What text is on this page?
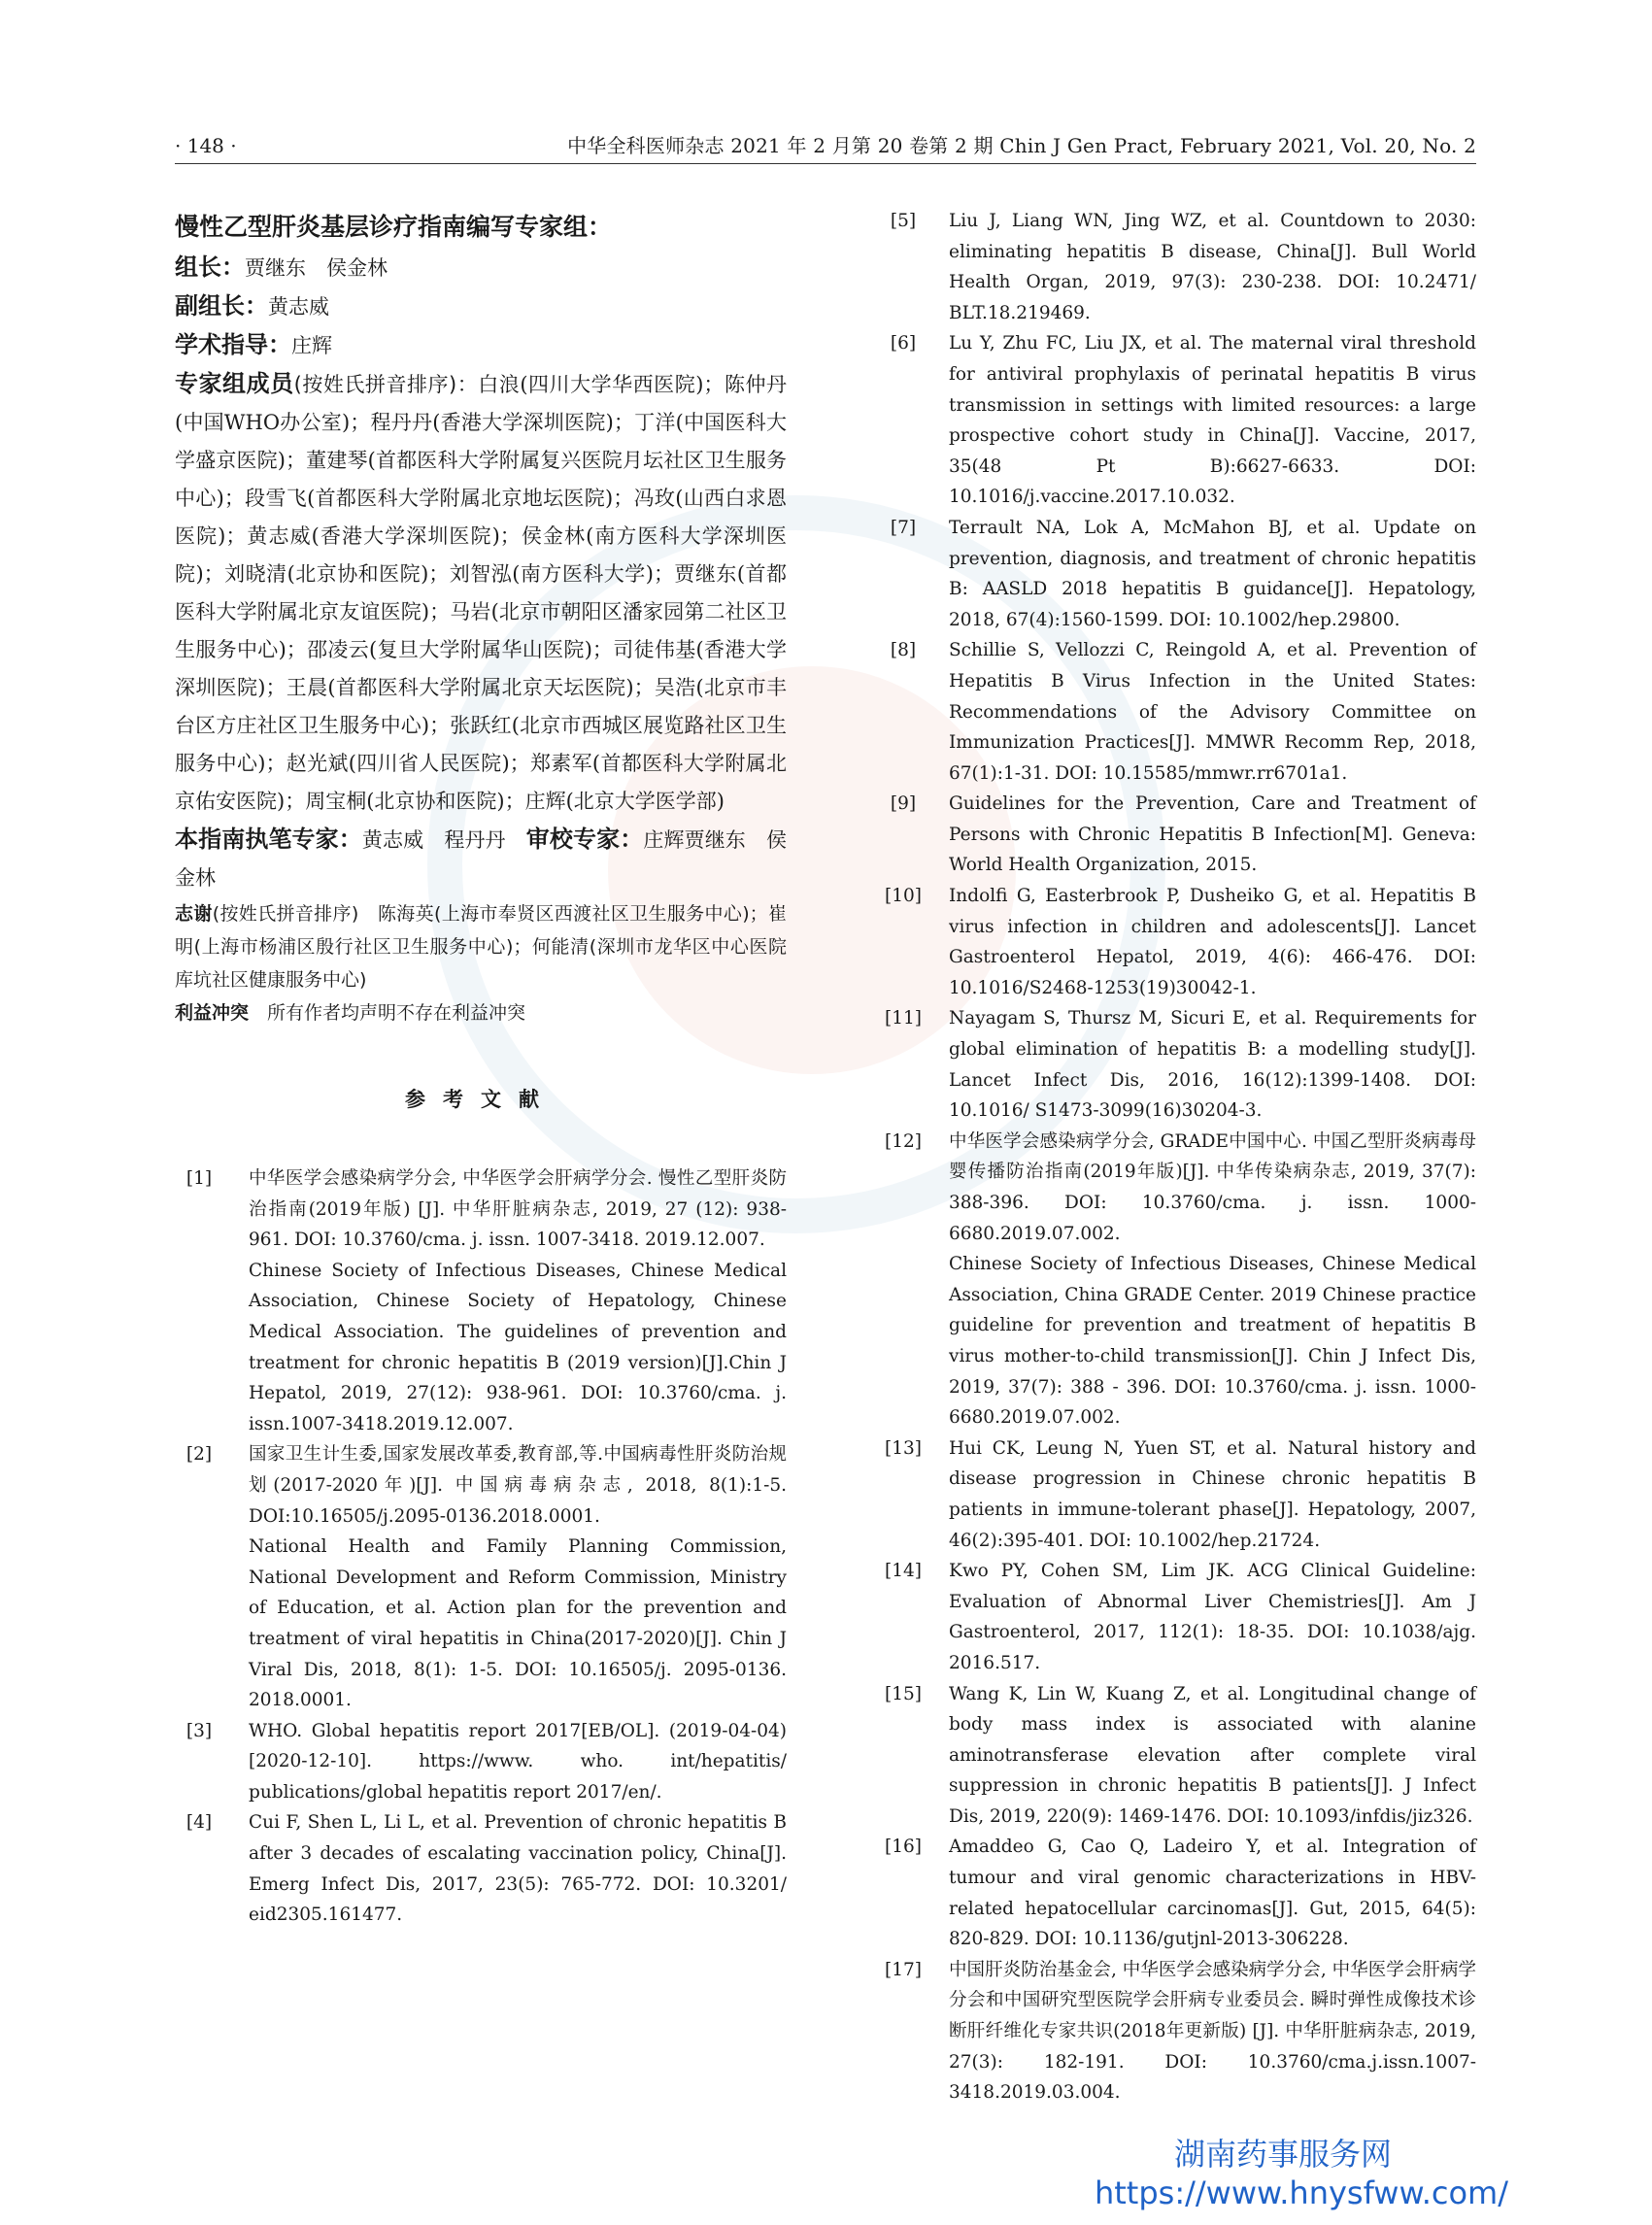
· 148 ·	中华全科医师杂志 2021 年 2 月第 20 卷第 2 期 Chin J Gen Pract, February 2021, Vol. 20, No. 2

慢性乙型肝炎基层诊疗指南编写专家组：

组长：贾继东　侯金林

副组长：黄志威

学术指导：庄辉

专家组成员(按姓氏拼音排序)：白浪(四川大学华西医院)；陈仲丹(中国WHO办公室)；程丹丹(香港大学深圳医院)；丁洋(中国医科大学盛京医院)；董建琴(首都医科大学附属复兴医院月坛社区卫生服务中心)；段雪飞(首都医科大学附属北京地坛医院)；冯玫(山西白求恩医院)；黄志威(香港大学深圳医院)；侯金林(南方医科大学深圳医院)；刘晓清(北京协和医院)；刘智泓(南方医科大学)；贾继东(首都医科大学附属北京友谊医院)；马岩(北京市朝阳区潘家园第二社区卫生服务中心)；邵凌云(复旦大学附属华山医院)；司徒伟基(香港大学深圳医院)；王晨(首都医科大学附属北京天坛医院)；吴浩(北京市丰台区方庄社区卫生服务中心)；张跃红(北京市西城区展览路社区卫生服务中心)；赵光斌(四川省人民医院)；郑素军(首都医科大学附属北京佑安医院)；周宝桐(北京协和医院)；庄辉(北京大学医学部)

本指南执笔专家：黄志威　程丹丹　 审校专家：庄辉贾继东　侯金林

志谢(按姓氏拼音排序)　陈海英(上海市奉贤区西渡社区卫生服务中心)；崔明(上海市杨浦区殷行社区卫生服务中心)；何能清(深圳市龙华区中心医院库坑社区健康服务中心)

利益冲突　 所有作者均声明不存在利益冲突

参考文献

[1]	中华医学会感染病学分会, 中华医学会肝病学分会. 慢性乙型肝炎防治指南(2019年版) [J]. 中华肝脏病杂志, 2019, 27 (12): 938-961. DOI: 10.3760/cma. j. issn. 1007-3418. 2019.12.007.
Chinese Society of Infectious Diseases, Chinese Medical Association, Chinese Society of Hepatology, Chinese Medical Association. The guidelines of prevention and treatment for chronic hepatitis B (2019 version)[J].Chin J Hepatol, 2019, 27(12): 938-961. DOI: 10.3760/cma. j. issn.1007-3418.2019.12.007.

[2]	国家卫生计生委,国家发展改革委,教育部,等.中国病毒性肝炎防治规划(2017-2020年)[J]. 中国病毒病杂志, 2018, 8(1):1-5. DOI:10.16505/j.2095-0136.2018.0001.
National Health and Family Planning Commission, National Development and Reform Commission, Ministry of Education, et al. Action plan for the prevention and treatment of viral hepatitis in China(2017-2020)[J]. Chin J Viral Dis, 2018, 8(1): 1-5. DOI: 10.16505/j. 2095-0136. 2018.0001.

[3]	WHO. Global hepatitis report 2017[EB/OL]. (2019-04-04) [2020-12-10]. https://www. who. int/hepatitis/ publications/global hepatitis report 2017/en/.

[4]	Cui F, Shen L, Li L, et al. Prevention of chronic hepatitis B after 3 decades of escalating vaccination policy, China[J]. Emerg Infect Dis, 2017, 23(5): 765-772. DOI: 10.3201/ eid2305.161477.

[5]	Liu J, Liang WN, Jing WZ, et al. Countdown to 2030: eliminating hepatitis B disease, China[J]. Bull World Health Organ, 2019, 97(3): 230-238. DOI: 10.2471/ BLT.18.219469.

[6]	Lu Y, Zhu FC, Liu JX, et al. The maternal viral threshold for antiviral prophylaxis of perinatal hepatitis B virus transmission in settings with limited resources: a large prospective cohort study in China[J]. Vaccine, 2017, 35(48 Pt B):6627-6633. DOI: 10.1016/j.vaccine.2017.10.032.

[7]	Terrault NA, Lok A, McMahon BJ, et al. Update on prevention, diagnosis, and treatment of chronic hepatitis B: AASLD 2018 hepatitis B guidance[J]. Hepatology, 2018, 67(4):1560-1599. DOI: 10.1002/hep.29800.

[8]	Schillie S, Vellozzi C, Reingold A, et al. Prevention of Hepatitis B Virus Infection in the United States: Recommendations of the Advisory Committee on Immunization Practices[J]. MMWR Recomm Rep, 2018, 67(1):1-31. DOI: 10.15585/mmwr.rr6701a1.

[9]	Guidelines for the Prevention, Care and Treatment of Persons with Chronic Hepatitis B Infection[M]. Geneva: World Health Organization, 2015.

[10]	Indolfi G, Easterbrook P, Dusheiko G, et al. Hepatitis B virus infection in children and adolescents[J]. Lancet Gastroenterol Hepatol, 2019, 4(6): 466-476. DOI: 10.1016/S2468-1253(19)30042-1.

[11]	Nayagam S, Thursz M, Sicuri E, et al. Requirements for global elimination of hepatitis B: a modelling study[J]. Lancet Infect Dis, 2016, 16(12):1399-1408. DOI: 10.1016/ S1473-3099(16)30204-3.

[12]	中华医学会感染病学分会, GRADE中国中心. 中国乙型肝炎病毒母婴传播防治指南(2019年版)[J]. 中华传染病杂志, 2019, 37(7): 388-396. DOI: 10.3760/cma. j. issn. 1000-6680.2019.07.002.
Chinese Society of Infectious Diseases, Chinese Medical Association, China GRADE Center. 2019 Chinese practice guideline for prevention and treatment of hepatitis B virus mother-to-child transmission[J]. Chin J Infect Dis, 2019, 37(7): 388 - 396. DOI: 10.3760/cma. j. issn. 1000-6680.2019.07.002.

[13]	Hui CK, Leung N, Yuen ST, et al. Natural history and disease progression in Chinese chronic hepatitis B patients in immune-tolerant phase[J]. Hepatology, 2007, 46(2):395-401. DOI: 10.1002/hep.21724.

[14]	Kwo PY, Cohen SM, Lim JK. ACG Clinical Guideline: Evaluation of Abnormal Liver Chemistries[J]. Am J Gastroenterol, 2017, 112(1): 18-35. DOI: 10.1038/ajg. 2016.517.

[15]	Wang K, Lin W, Kuang Z, et al. Longitudinal change of body mass index is associated with alanine aminotransferase elevation after complete viral suppression in chronic hepatitis B patients[J]. J Infect Dis, 2019, 220(9): 1469-1476. DOI: 10.1093/infdis/jiz326.

[16]	Amaddeo G, Cao Q, Ladeiro Y, et al. Integration of tumour and viral genomic characterizations in HBV-related hepatocellular carcinomas[J]. Gut, 2015, 64(5): 820-829. DOI: 10.1136/gutjnl-2013-306228.

[17]	中国肝炎防治基金会, 中华医学会感染病学分会, 中华医学会肝病学分会和中国研究型医院学会肝病专业委员会. 瞬时弹性成像技术诊断肝纤维化专家共识(2018年更新版) [J]. 中华肝脏病杂志, 2019, 27(3): 182-191. DOI: 10.3760/cma.j.issn.1007-3418.2019.03.004.

湖南药事服务网
https://www.hnysfww.com/
